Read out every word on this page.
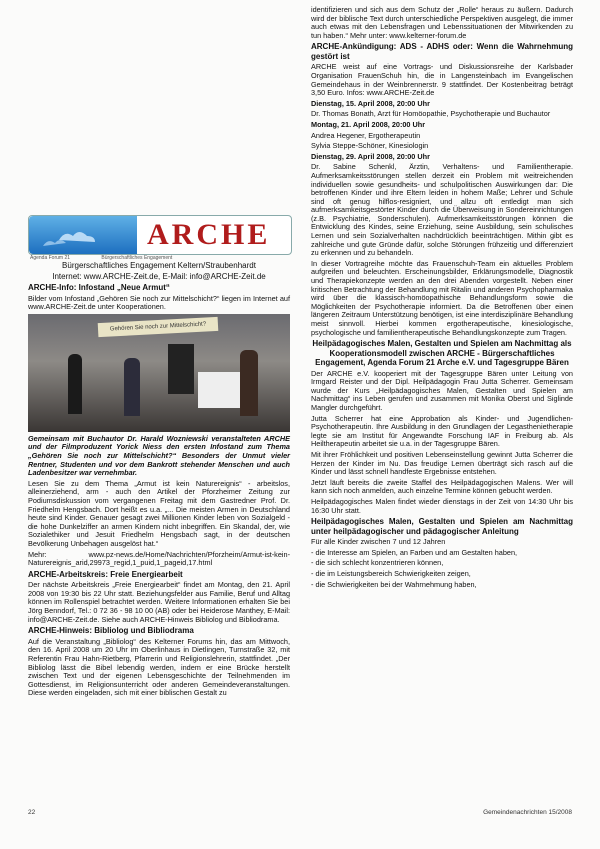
ARCHE
Agenda Forum 21	Bürgerschaftliches Engagement

Bürgerschaftliches Engagement Keltern/Straubenhardt

Internet: www.ARCHE-Zeit.de, E-Mail: info@ARCHE-Zeit.de

ARCHE-Info: Infostand „Neue Armut“

Bilder vom Infostand „Gehören Sie noch zur Mittelschicht?“ liegen im Internet auf www.ARCHE-Zeit.de unter Kooperationen.

Gehören Sie noch zur Mittelschicht?

Gemeinsam mit Buchautor Dr. Harald Wozniewski veranstalteten ARCHE und der Filmproduzent Yorick Niess den ersten Infostand zum Thema „Gehören Sie noch zur Mittelschicht?“ Besonders der Unmut vieler Rentner, Studenten und vor dem Bankrott stehender Menschen und auch Ladenbesitzer war vernehmbar.

Lesen Sie zu dem Thema „Armut ist kein Naturereignis“ - arbeitslos, alleinerziehend, arm - auch den Artikel der Pforzheimer Zeitung zur Podiumsdiskussion vom vergangenen Freitag mit dem Gastredner Prof. Dr. Friedhelm Hengsbach. Dort heißt es u.a. „... Die meisten Armen in Deutschland heute sind Kinder. Genauer gesagt zwei Millionen Kinder leben von Sozialgeld - die hohe Dunkelziffer an armen Kindern nicht inbegriffen. Ein Skandal, der, wie Sozialethiker und Jesuit Friedhelm Hengsbach sagt, in der deutschen Bevölkerung Unbehagen ausgelöst hat.“

Mehr: www.pz-news.de/Home/Nachrichten/Pforzheim/Armut-ist-kein-Naturereignis_arid,29973_regid,1_puid,1_pageid,17.html

ARCHE-Arbeitskreis: Freie Energiearbeit

Der nächste Arbeitskreis „Freie Energiearbeit“ findet am Montag, den 21. April 2008 von 19:30 bis 22 Uhr statt. Beziehungsfelder aus Familie, Beruf und Alltag können im Rollenspiel betrachtet werden. Weitere Informationen erhalten Sie bei Jörg Benndorf, Tel.: 0 72 36 - 98 10 00 (AB) oder bei Heiderose Manthey, E-Mail: info@ARCHE-Zeit.de. Siehe auch ARCHE-Hinweis Bibliolog und Bibliodrama.

ARCHE-Hinweis: Bibliolog und Bibliodrama

Auf die Veranstaltung „Bibliolog“ des Kelterner Forums hin, das am Mittwoch, den 16. April 2008 um 20 Uhr im Oberlinhaus in Dietlingen, Turnstraße 32, mit Referentin Frau Hahn-Rietberg, Pfarrerin und Religionslehrerin, stattfindet. „Der Bibliolog lässt die Bibel lebendig werden, indem er eine Brücke herstellt zwischen Text und der eigenen Lebensgeschichte der Teilnehmenden im Gottesdienst, im Religionsunterricht oder anderen Gemeindeveranstaltungen. Diese werden eingeladen, sich mit einer biblischen Gestalt zu

identifizieren und sich aus dem Schutz der „Rolle“ heraus zu äußern. Dadurch wird der biblische Text durch unterschiedliche Perspektiven ausgelegt, die immer auch etwas mit den Lebensfragen und Lebenssituationen der Mitwirkenden zu tun haben.“ Mehr unter: www.kelterner-forum.de

ARCHE-Ankündigung: ADS - ADHS oder: Wenn die Wahrnehmung gestört ist

ARCHE weist auf eine Vortrags- und Diskussionsreihe der Karlsbader Organisation FrauenSchuh hin, die in Langensteinbach im Evangelischen Gemeindehaus in der Weinbrennerstr. 9 stattfindet. Der Kostenbeitrag beträgt 3,50 Euro. Infos: www.ARCHE-Zeit.de

Dienstag, 15. April 2008, 20:00 Uhr

Dr. Thomas Bonath, Arzt für Homöopathie, Psychotherapie und Buchautor

Montag, 21. April 2008, 20:00 Uhr

Andrea Hegener, Ergotherapeutin

Sylvia Steppe-Schöner, Kinesiologin

Dienstag, 29. April 2008, 20:00 Uhr

Dr. Sabine Schenkl, Ärztin, Verhaltens- und Familientherapie. Aufmerksamkeitsstörungen stellen derzeit ein Problem mit weitreichenden individuellen sowie gesundheits- und schulpolitischen Auswirkungen dar: Die betroffenen Kinder und ihre Eltern leiden in hohem Maße; Lehrer und Schule sind oft genug hilflos-resigniert, und allzu oft entledigt man sich aufmerksamkeitsgestörter Kinder durch die Überweisung in Sondereinrichtungen (z.B. Psychiatrie, Sonderschulen). Aufmerksamkeitsstörungen können die Entwicklung des Kindes, seine Erziehung, seine Ausbildung, sein schulisches Lernen und sein Sozialverhalten nachdrücklich beeinträchtigen. Mithin gibt es zahlreiche und gute Gründe dafür, solche Störungen frühzeitig und differenziert zu erkennen und zu behandeln.

In dieser Vortragreihe möchte das Frauenschuh-Team ein aktuelles Problem aufgreifen und beleuchten. Erscheinungsbilder, Erklärungsmodelle, Diagnostik und Therapiekonzepte werden an den drei Abenden vorgestellt. Neben einer kritischen Betrachtung der Behandlung mit Ritalin und anderen Psychopharmaka wird über die klassisch-homöopathische Behandlungsform sowie die Möglichkeiten der Psychotherapie informiert. Da die Betroffenen über einen längeren Zeitraum Unterstützung benötigen, ist eine interdisziplinäre Behandlung meist sinnvoll. Hierbei kommen ergotherapeutische, kinesiologische, psychologische und familientherapeutische Behandlungskonzepte zum Tragen.

Heilpädagogisches Malen, Gestalten und Spielen am Nachmittag als Kooperationsmodell zwischen ARCHE - Bürgerschaftliches Engagement, Agenda Forum 21 Arche e.V. und Tagesgruppe Bären

Der ARCHE e.V. kooperiert mit der Tagesgruppe Bären unter Leitung von Irmgard Reister und der Dipl. Heilpädagogin Frau Jutta Scherrer. Gemeinsam wurde der Kurs „Heilpädagogisches Malen, Gestalten und Spielen am Nachmittag“ ins Leben gerufen und zusammen mit Monika Oberst und Siglinde Mangler durchgeführt.

Jutta Scherrer hat eine Approbation als Kinder- und Jugendlichen-Psychotherapeutin. Ihre Ausbildung in den Grundlagen der Legasthenietherapie legte sie am Institut für Angewandte Forschung IAF in Freiburg ab. Als Heiltherapeutin arbeitet sie u.a. in der Tagesgruppe Bären.

Mit ihrer Fröhlichkeit und positiven Lebenseinstellung gewinnt Jutta Scherrer die Herzen der Kinder im Nu. Das freudige Lernen überträgt sich rasch auf die Kinder und lässt schnell handfeste Ergebnisse entstehen.

Jetzt läuft bereits die zweite Staffel des Heilpädagogischen Malens. Wer will kann sich noch anmelden, auch einzelne Termine können gebucht werden.

Heilpädagogisches Malen findet wieder dienstags in der Zeit von 14:30 Uhr bis 16:30 Uhr statt.

Heilpädagogisches Malen, Gestalten und Spielen am Nachmittag unter heilpädagogischer und pädagogischer Anleitung

Für alle Kinder zwischen 7 und 12 Jahren

- die Interesse am Spielen, an Farben und am Gestalten haben,

- die sich schlecht konzentrieren können,

- die im Leistungsbereich Schwierigkeiten zeigen,

- die Schwierigkeiten bei der Wahrnehmung haben,

22	Gemeindenachrichten 15/2008
